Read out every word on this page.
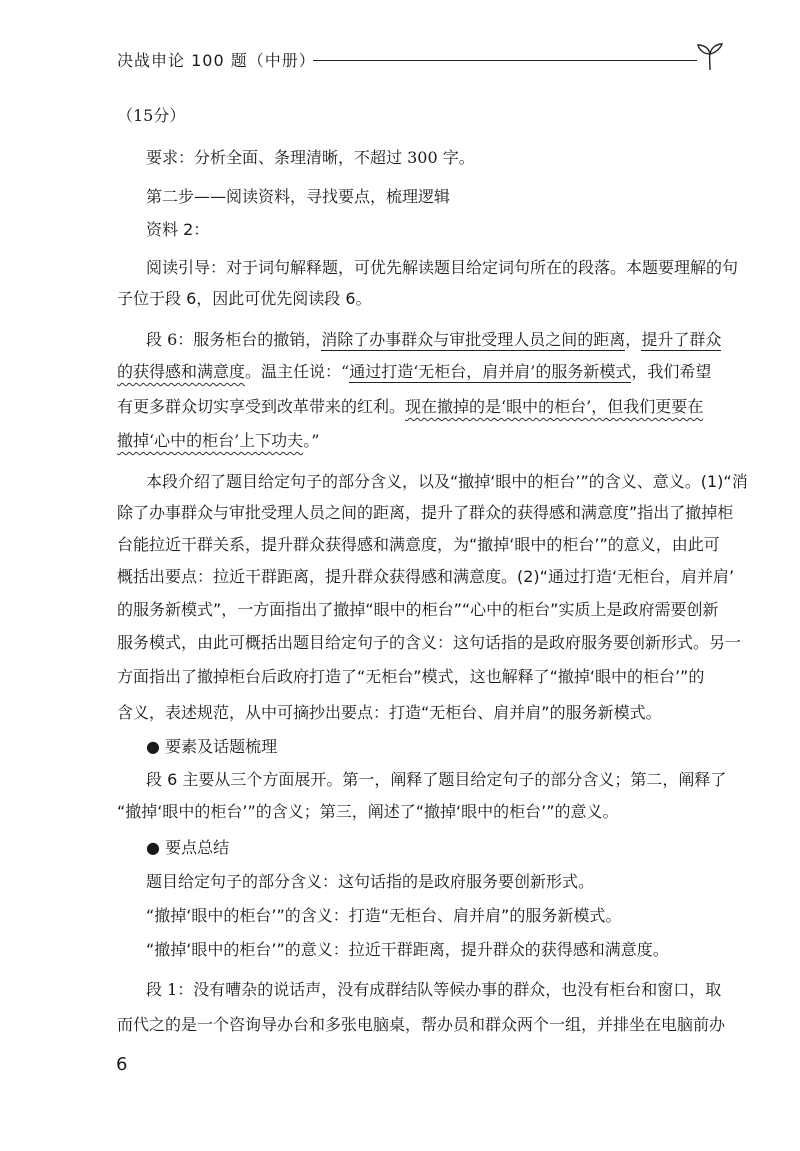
决战申论 100 题（中册）
（15分）
要求：分析全面、条理清晰，不超过 300 字。
第二步——阅读资料，寻找要点，梳理逻辑
资料 2：
阅读引导：对于词句解释题，可优先解读题目给定词句所在的段落。本题要理解的句
子位于段 6，因此可优先阅读段 6。
段 6：服务柜台的撤销，消除了办事群众与审批受理人员之间的距离，提升了群众
的获得感和满意度。温主任说：“通过打造‘无柜台，肩并肩’的服务新模式，我们希望
有更多群众切实享受到改革带来的红利。现在撤掉的是‘眼中的柜台’，但我们更要在
撤掉‘心中的柜台’上下功夫。”
本段介绍了题目给定句子的部分含义，以及“撤掉‘眼中的柜台’”的含义、意义。(1)“消
除了办事群众与审批受理人员之间的距离，提升了群众的获得感和满意度”指出了撤掉柜
台能拉近干群关系，提升群众获得感和满意度，为“撤掉‘眼中的柜台’”的意义，由此可
概括出要点：拉近干群距离，提升群众获得感和满意度。(2)“通过打造‘无柜台，肩并肩’
的服务新模式”，一方面指出了撤掉“眼中的柜台”“心中的柜台”实质上是政府需要创新
服务模式，由此可概括出题目给定句子的含义：这句话指的是政府服务要创新形式。另一
方面指出了撤掉柜台后政府打造了“无柜台”模式，这也解释了“撤掉‘眼中的柜台’”的
含义，表述规范，从中可摘抄出要点：打造“无柜台、肩并肩”的服务新模式。
● 要素及话题梳理
段 6 主要从三个方面展开。第一，阐释了题目给定句子的部分含义；第二，阐释了
“撤掉‘眼中的柜台’”的含义；第三，阐述了“撤掉‘眼中的柜台’”的意义。
● 要点总结
题目给定句子的部分含义：这句话指的是政府服务要创新形式。
“撤掉‘眼中的柜台’”的含义：打造“无柜台、肩并肩”的服务新模式。
“撤掉‘眼中的柜台’”的意义：拉近干群距离，提升群众的获得感和满意度。
段 1：没有嘈杂的说话声，没有成群结队等候办事的群众，也没有柜台和窗口，取
而代之的是一个咨询导办台和多张电脑桌，帮办员和群众两个一组，并排坐在电脑前办
6
